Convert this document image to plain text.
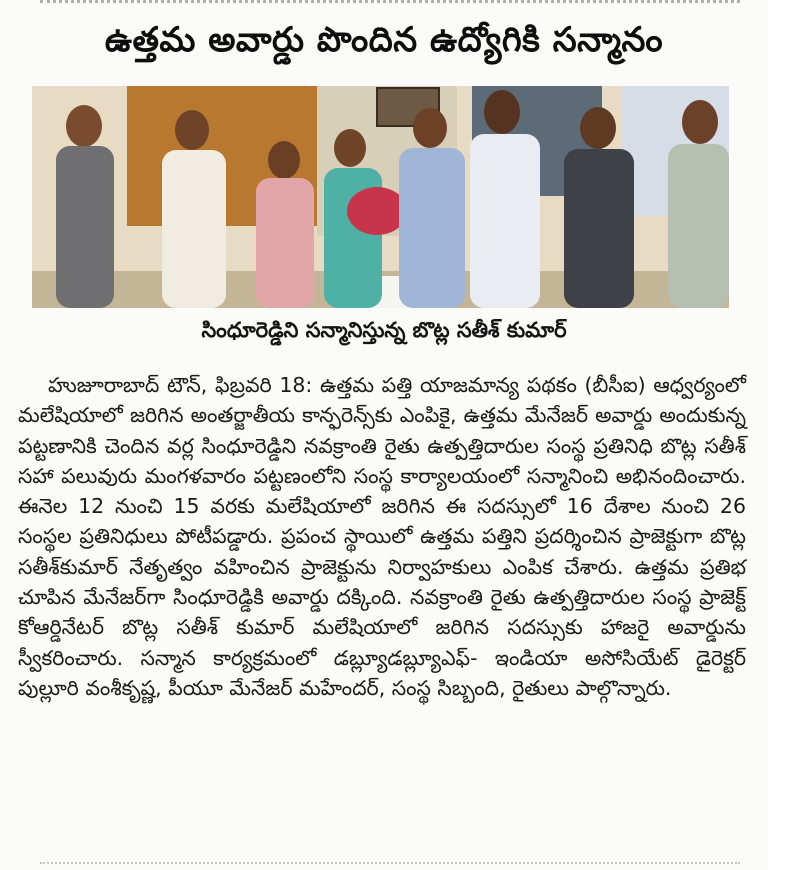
ఉత్తమ అవార్డు పొందిన ఉద్యోగికి సన్మానం
సింధూరెడ్డిని సన్మానిస్తున్న బొట్ల సతీశ్ కుమార్

హుజూరాబాద్ టౌన్, ఫిబ్రవరి 18: ఉత్తమ పత్తి యాజమాన్య పథకం (బీసీఐ) ఆధ్వర్యంలో మలేషియాలో జరిగిన అంతర్జాతీయ కాన్ఫరెన్స్‌కు ఎంపికై, ఉత్తమ మేనేజర్ అవార్డు అందుకున్న పట్టణానికి చెందిన వర్ల సింధూరెడ్డిని నవక్రాంతి రైతు ఉత్పత్తిదారుల సంస్థ ప్రతినిధి బొట్ల సతీశ్ సహా పలువురు మంగళవారం పట్టణంలోని సంస్థ కార్యాలయంలో సన్మానించి అభినందించారు. ఈనెల 12 నుంచి 15 వరకు మలేషియాలో జరిగిన ఈ సదస్సులో 16 దేశాల నుంచి 26 సంస్థల ప్రతినిధులు పోటీపడ్డారు. ప్రపంచ స్థాయిలో ఉత్తమ పత్తిని ప్రదర్శించిన ప్రాజెక్టుగా బొట్ల సతీశ్‌కుమార్ నేతృత్వం వహించిన ప్రాజెక్టును నిర్వాహకులు ఎంపిక చేశారు. ఉత్తమ ప్రతిభ చూపిన మేనేజర్‌గా సింధూరెడ్డికి అవార్డు దక్కింది. నవక్రాంతి రైతు ఉత్పత్తిదారుల సంస్థ ప్రాజెక్ట్ కోఆర్డినేటర్ బొట్ల సతీశ్ కుమార్ మలేషియాలో జరిగిన సదస్సుకు హాజరై అవార్డును స్వీకరించారు. సన్మాన కార్యక్రమంలో డబ్ల్యూడబ్ల్యూఎఫ్- ఇండియా అసోసియేట్ డైరెక్టర్ పుల్లూరి వంశీకృష్ణ, పీయూ మేనేజర్ మహేందర్, సంస్థ సిబ్బంది, రైతులు పాల్గొన్నారు.
